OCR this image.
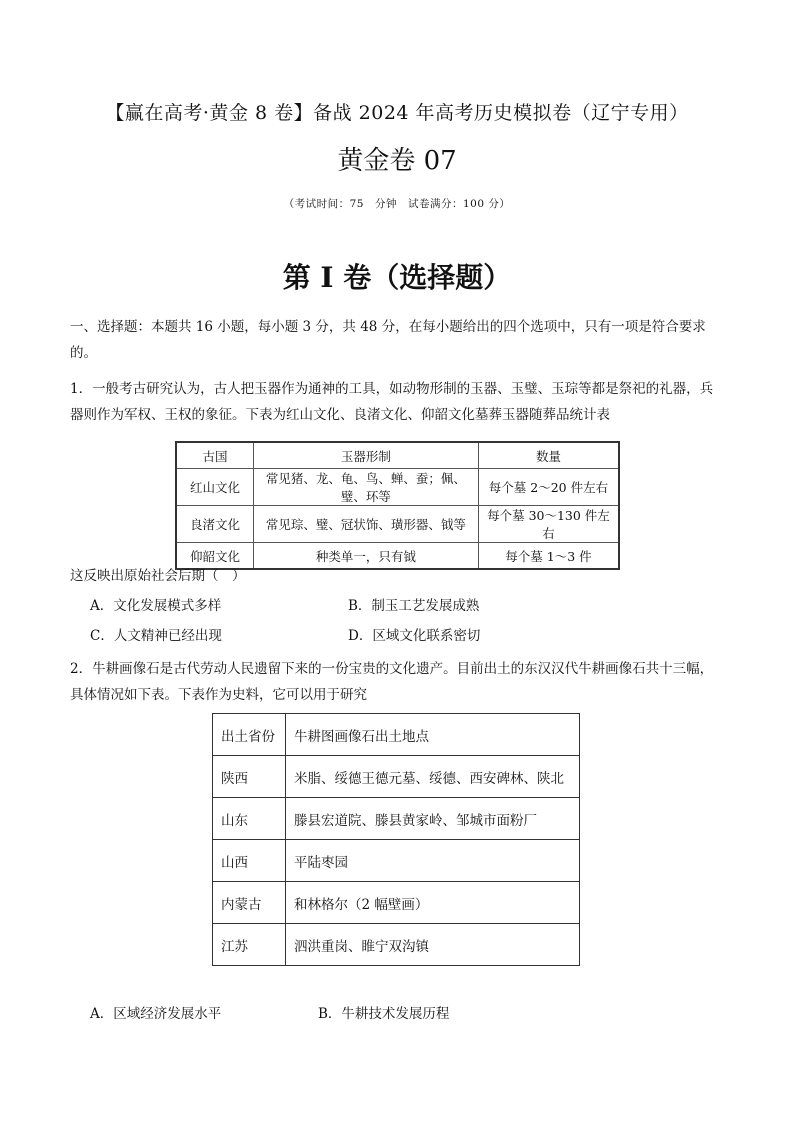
【赢在高考·黄金 8 卷】备战 2024 年高考历史模拟卷（辽宁专用）
黄金卷 07
（考试时间：75　分钟　试卷满分：100 分）
第 I 卷（选择题）
一、选择题：本题共 16 小题，每小题 3 分，共 48 分，在每小题给出的四个选项中，只有一项是符合要求的。
1．一般考古研究认为，古人把玉器作为通神的工具，如动物形制的玉器、玉璧、玉琮等都是祭祀的礼器，兵器则作为军权、王权的象征。下表为红山文化、良渚文化、仰韶文化墓葬玉器随葬品统计表
古国	玉器形制	数量
红山文化	常见猪、龙、龟、鸟、蝉、蚕；佩、璧、环等	每个墓 2～20 件左右
良渚文化	常见琮、璧、冠状饰、璜形器、钺等	每个墓 30～130 件左右
仰韶文化	种类单一，只有钺	每个墓 1～3 件
这反映出原始社会后期（　）
A．文化发展模式多样	B．制玉工艺发展成熟
C．人文精神已经出现	D．区域文化联系密切
2．牛耕画像石是古代劳动人民遗留下来的一份宝贵的文化遗产。目前出土的东汉汉代牛耕画像石共十三幅，具体情况如下表。下表作为史料，它可以用于研究
出土省份	牛耕图画像石出土地点
陕西	米脂、绥德王德元墓、绥德、西安碑林、陕北
山东	滕县宏道院、滕县黄家岭、邹城市面粉厂
山西	平陆枣园
内蒙古	和林格尔（2 幅壁画）
江苏	泗洪重岗、睢宁双沟镇
A．区域经济发展水平	B．牛耕技术发展历程
